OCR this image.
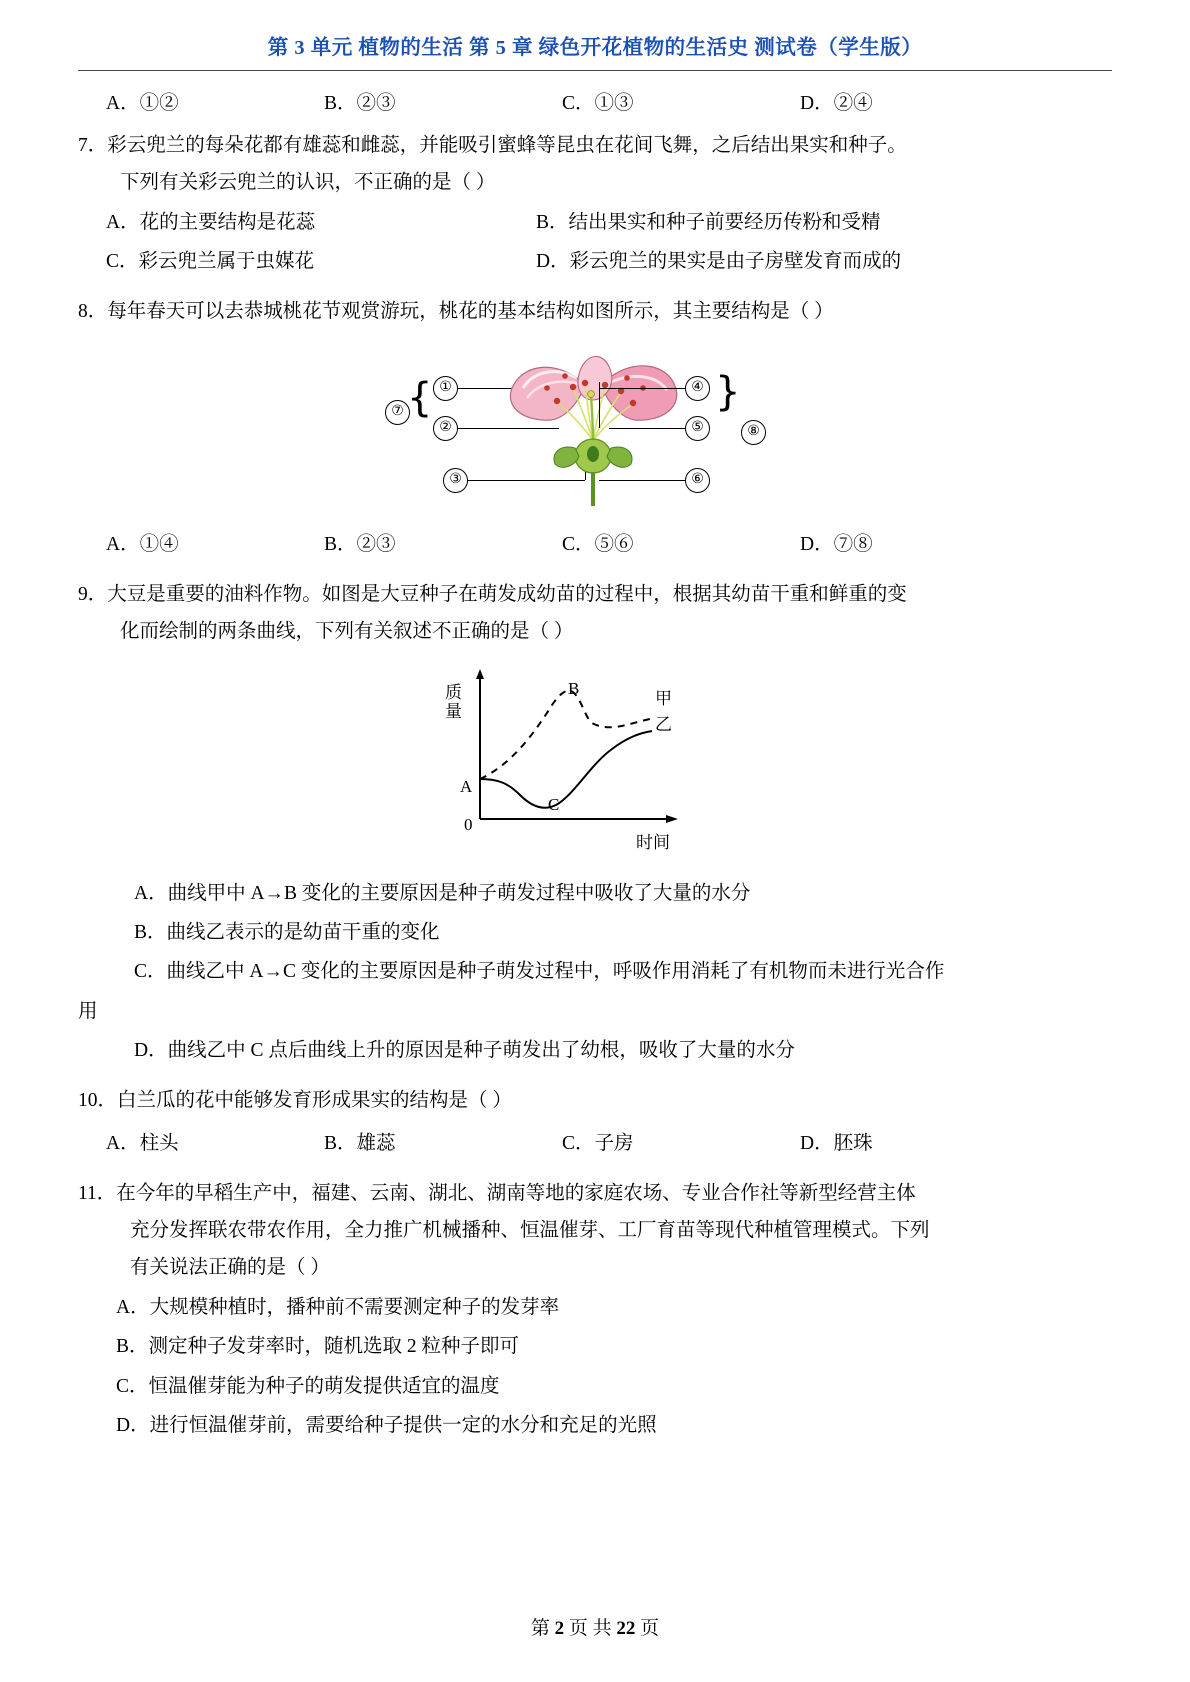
第 3 单元 植物的生活 第 5 章 绿色开花植物的生活史 测试卷（学生版）
A．①②	B．②③	C．①③	D．②④
7．彩云兜兰的每朵花都有雄蕊和雌蕊，并能吸引蜜蜂等昆虫在花间飞舞，之后结出果实和种子。
下列有关彩云兜兰的认识，不正确的是（ ）
A．花的主要结构是花蕊	B．结出果实和种子前要经历传粉和受精
C．彩云兜兰属于虫媒花	D．彩云兜兰的果实是由子房壁发育而成的
8．每年春天可以去恭城桃花节观赏游玩，桃花的基本结构如图所示，其主要结构是（ ）
⑦ { ①
②
③
④
⑤
⑥
{
⑧
A．①④	B．②③	C．⑤⑥	D．⑦⑧
9．大豆是重要的油料作物。如图是大豆种子在萌发成幼苗的过程中，根据其幼苗干重和鲜重的变
化而绘制的两条曲线，下列有关叙述不正确的是（ ）
质量
A
B
C
甲
乙
0
时间
A．曲线甲中 A→B 变化的主要原因是种子萌发过程中吸收了大量的水分
B．曲线乙表示的是幼苗干重的变化
C．曲线乙中 A→C 变化的主要原因是种子萌发过程中，呼吸作用消耗了有机物而未进行光合作
用
D．曲线乙中 C 点后曲线上升的原因是种子萌发出了幼根，吸收了大量的水分
10．白兰瓜的花中能够发育形成果实的结构是（ ）
A．柱头	B．雄蕊	C．子房	D．胚珠
11．在今年的早稻生产中，福建、云南、湖北、湖南等地的家庭农场、专业合作社等新型经营主体
充分发挥联农带农作用，全力推广机械播种、恒温催芽、工厂育苗等现代种植管理模式。下列
有关说法正确的是（ ）
A．大规模种植时，播种前不需要测定种子的发芽率
B．测定种子发芽率时，随机选取 2 粒种子即可
C．恒温催芽能为种子的萌发提供适宜的温度
D．进行恒温催芽前，需要给种子提供一定的水分和充足的光照
第 2 页 共 22 页
